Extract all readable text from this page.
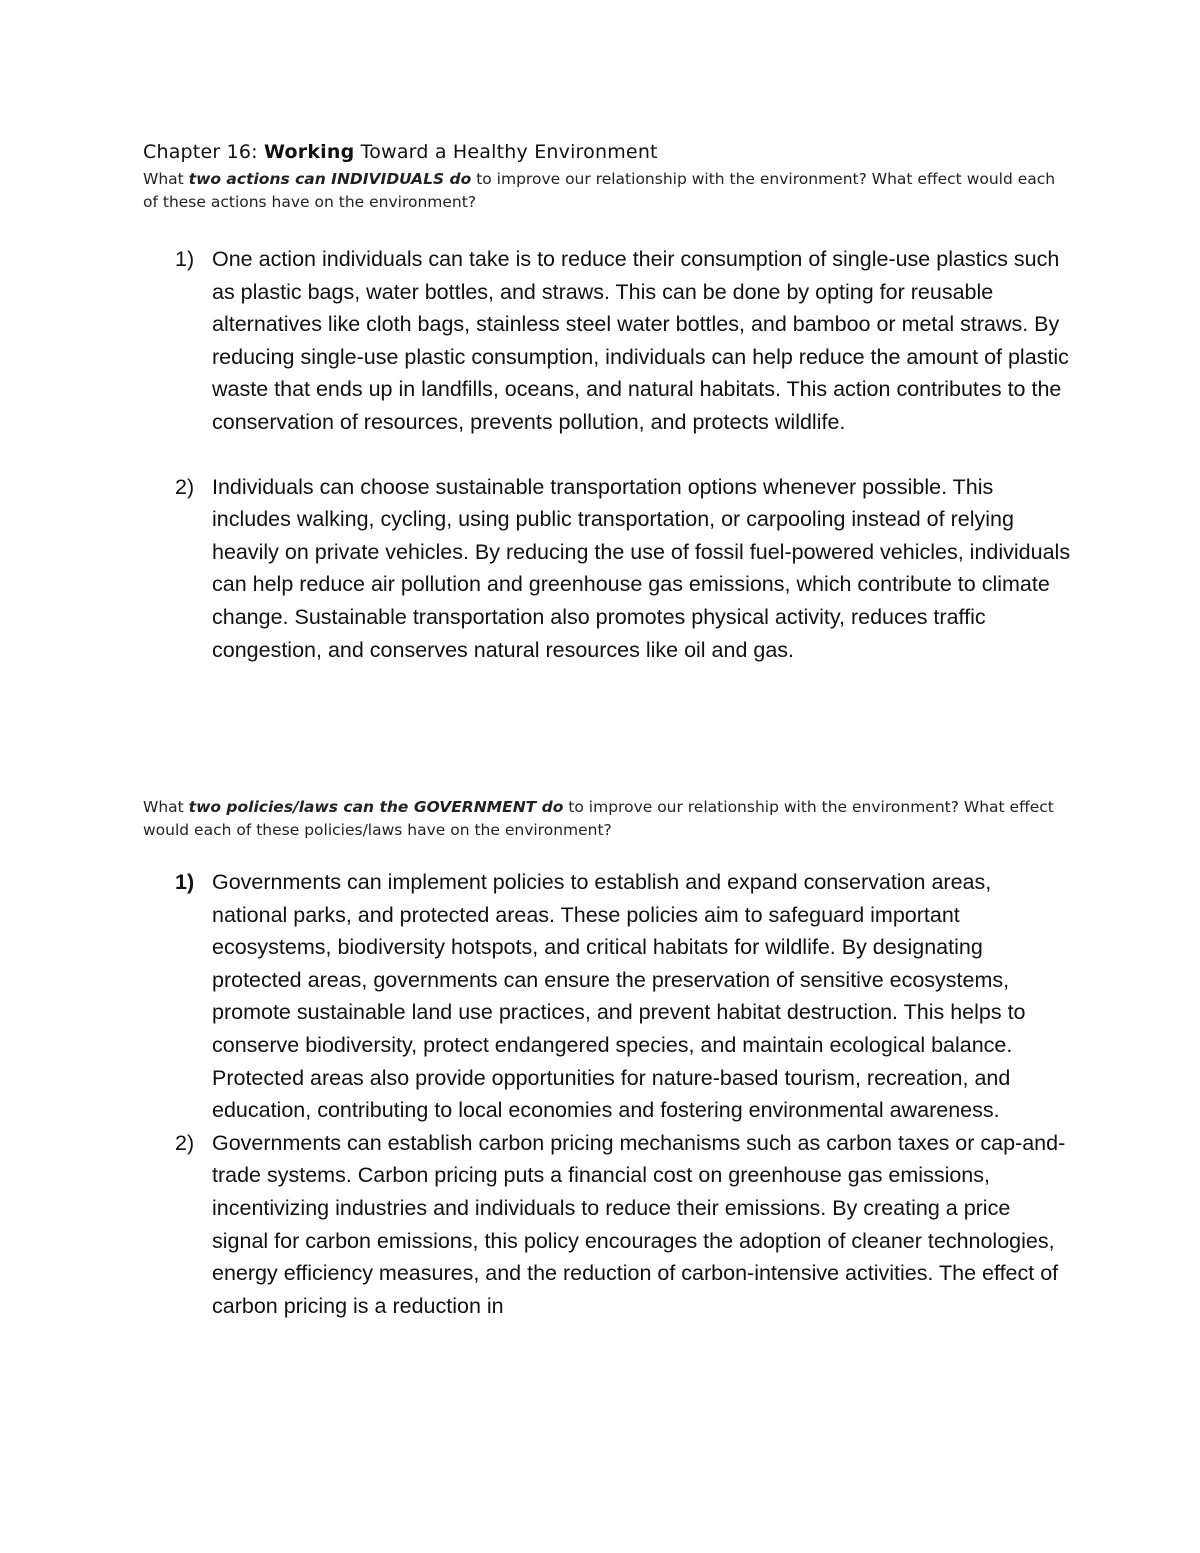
Chapter 16: Working Toward a Healthy Environment
What two actions can INDIVIDUALS do to improve our relationship with the environment? What effect would each of these actions have on the environment?
1) One action individuals can take is to reduce their consumption of single-use plastics such as plastic bags, water bottles, and straws. This can be done by opting for reusable alternatives like cloth bags, stainless steel water bottles, and bamboo or metal straws. By reducing single-use plastic consumption, individuals can help reduce the amount of plastic waste that ends up in landfills, oceans, and natural habitats. This action contributes to the conservation of resources, prevents pollution, and protects wildlife.
2) Individuals can choose sustainable transportation options whenever possible. This includes walking, cycling, using public transportation, or carpooling instead of relying heavily on private vehicles. By reducing the use of fossil fuel-powered vehicles, individuals can help reduce air pollution and greenhouse gas emissions, which contribute to climate change. Sustainable transportation also promotes physical activity, reduces traffic congestion, and conserves natural resources like oil and gas.
What two policies/laws can the GOVERNMENT do to improve our relationship with the environment? What effect would each of these policies/laws have on the environment?
1) Governments can implement policies to establish and expand conservation areas, national parks, and protected areas. These policies aim to safeguard important ecosystems, biodiversity hotspots, and critical habitats for wildlife. By designating protected areas, governments can ensure the preservation of sensitive ecosystems, promote sustainable land use practices, and prevent habitat destruction. This helps to conserve biodiversity, protect endangered species, and maintain ecological balance. Protected areas also provide opportunities for nature-based tourism, recreation, and education, contributing to local economies and fostering environmental awareness.
2) Governments can establish carbon pricing mechanisms such as carbon taxes or cap-and-trade systems. Carbon pricing puts a financial cost on greenhouse gas emissions, incentivizing industries and individuals to reduce their emissions. By creating a price signal for carbon emissions, this policy encourages the adoption of cleaner technologies, energy efficiency measures, and the reduction of carbon-intensive activities. The effect of carbon pricing is a reduction in
